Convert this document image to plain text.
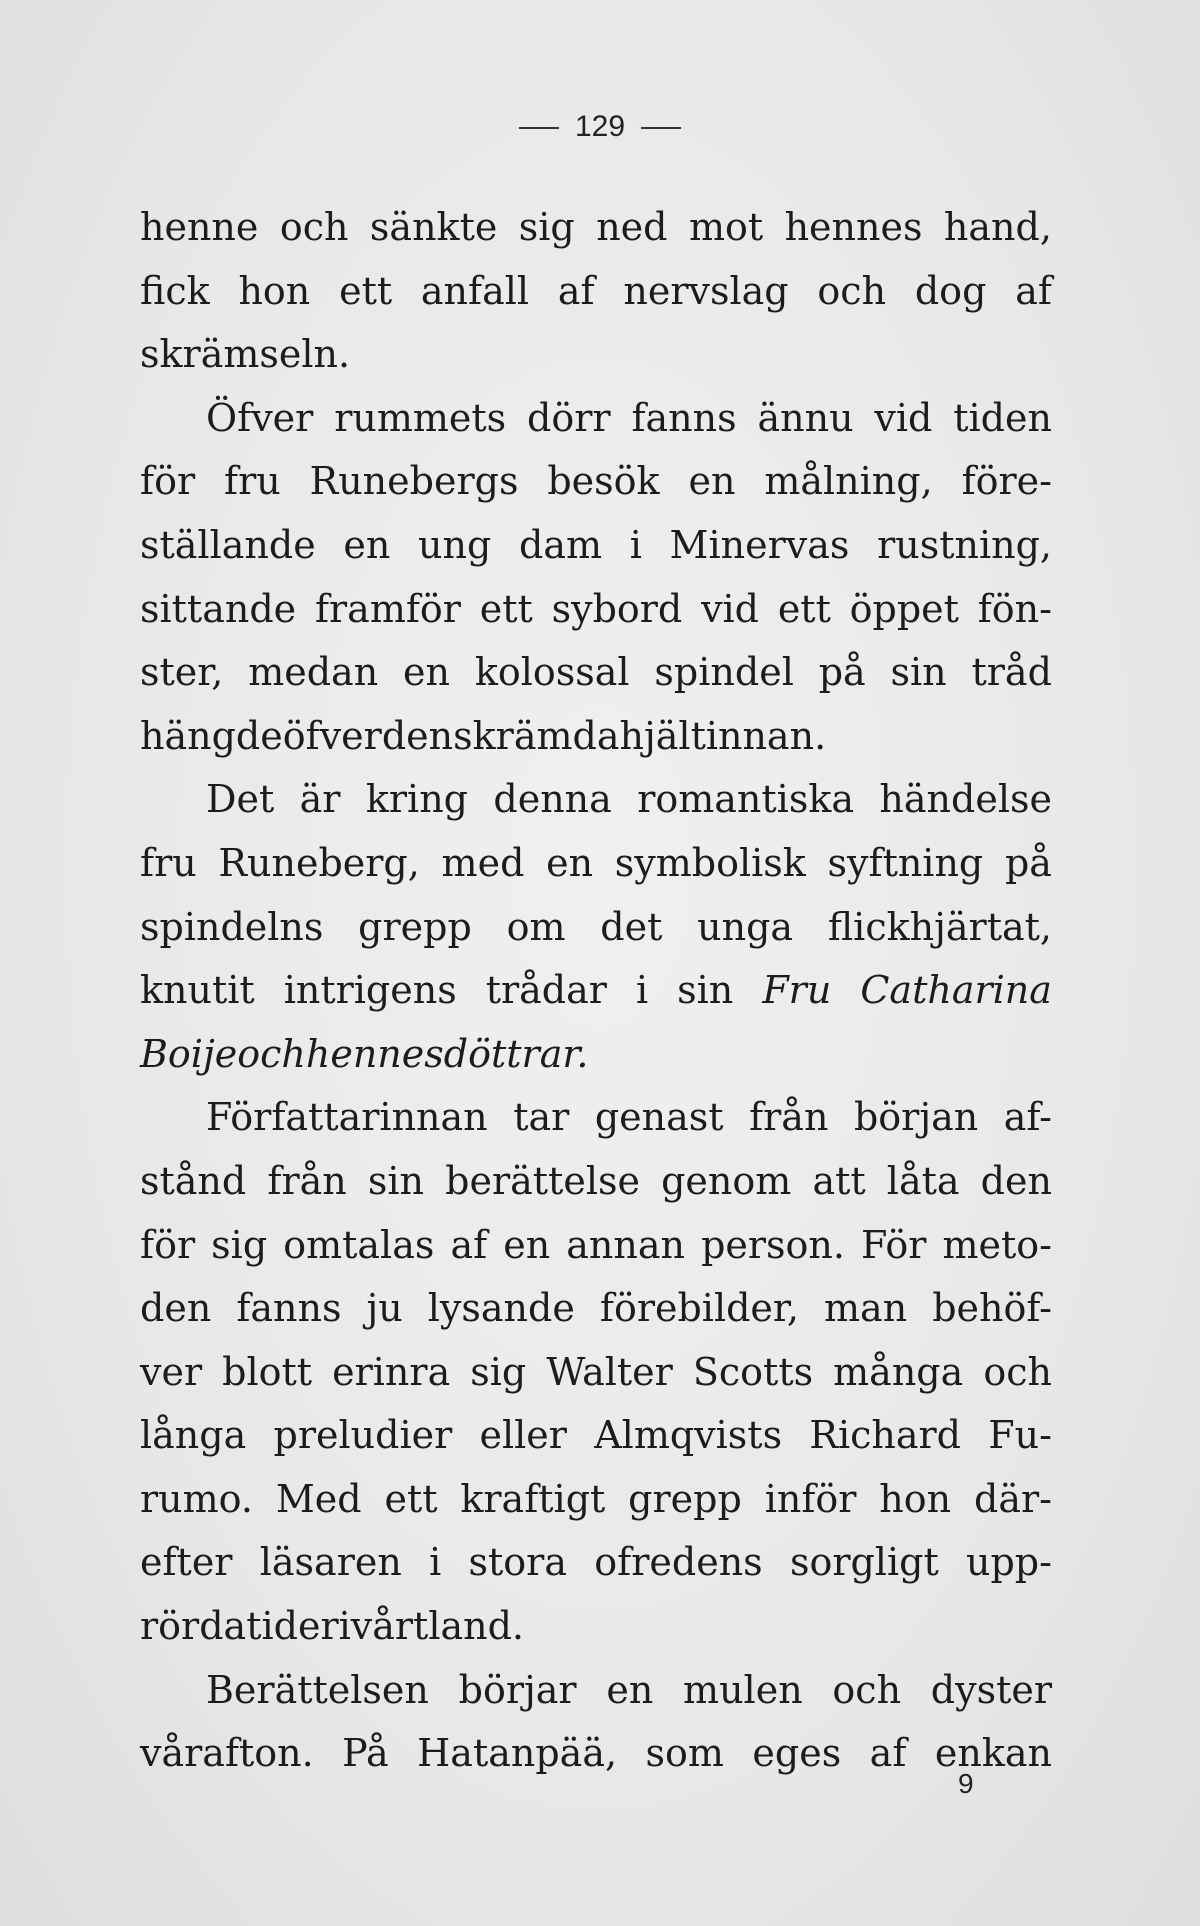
129
henne och sänkte sig ned mot hennes hand,
fick hon ett anfall af nervslag och dog af
skrämseln.
Öfver rummets dörr fanns ännu vid tiden
för fru Runebergs besök en målning, före-
ställande en ung dam i Minervas rustning,
sittande framför ett sybord vid ett öppet fön-
ster, medan en kolossal spindel på sin tråd
hängde öfver den skrämda hjältinnan.
Det är kring denna romantiska händelse
fru Runeberg, med en symbolisk syftning på
spindelns grepp om det unga flickhjärtat,
knutit intrigens trådar i sin Fru Catharina
Boije och hennes döttrar.
Författarinnan tar genast från början af-
stånd från sin berättelse genom att låta den
för sig omtalas af en annan person. För meto-
den fanns ju lysande förebilder, man behöf-
ver blott erinra sig Walter Scotts många och
långa preludier eller Almqvists Richard Fu-
rumo. Med ett kraftigt grepp inför hon där-
efter läsaren i stora ofredens sorgligt upp-
rörda tider i vårt land.
Berättelsen börjar en mulen och dyster
vårafton. På Hatanpää, som eges af enkan
9
